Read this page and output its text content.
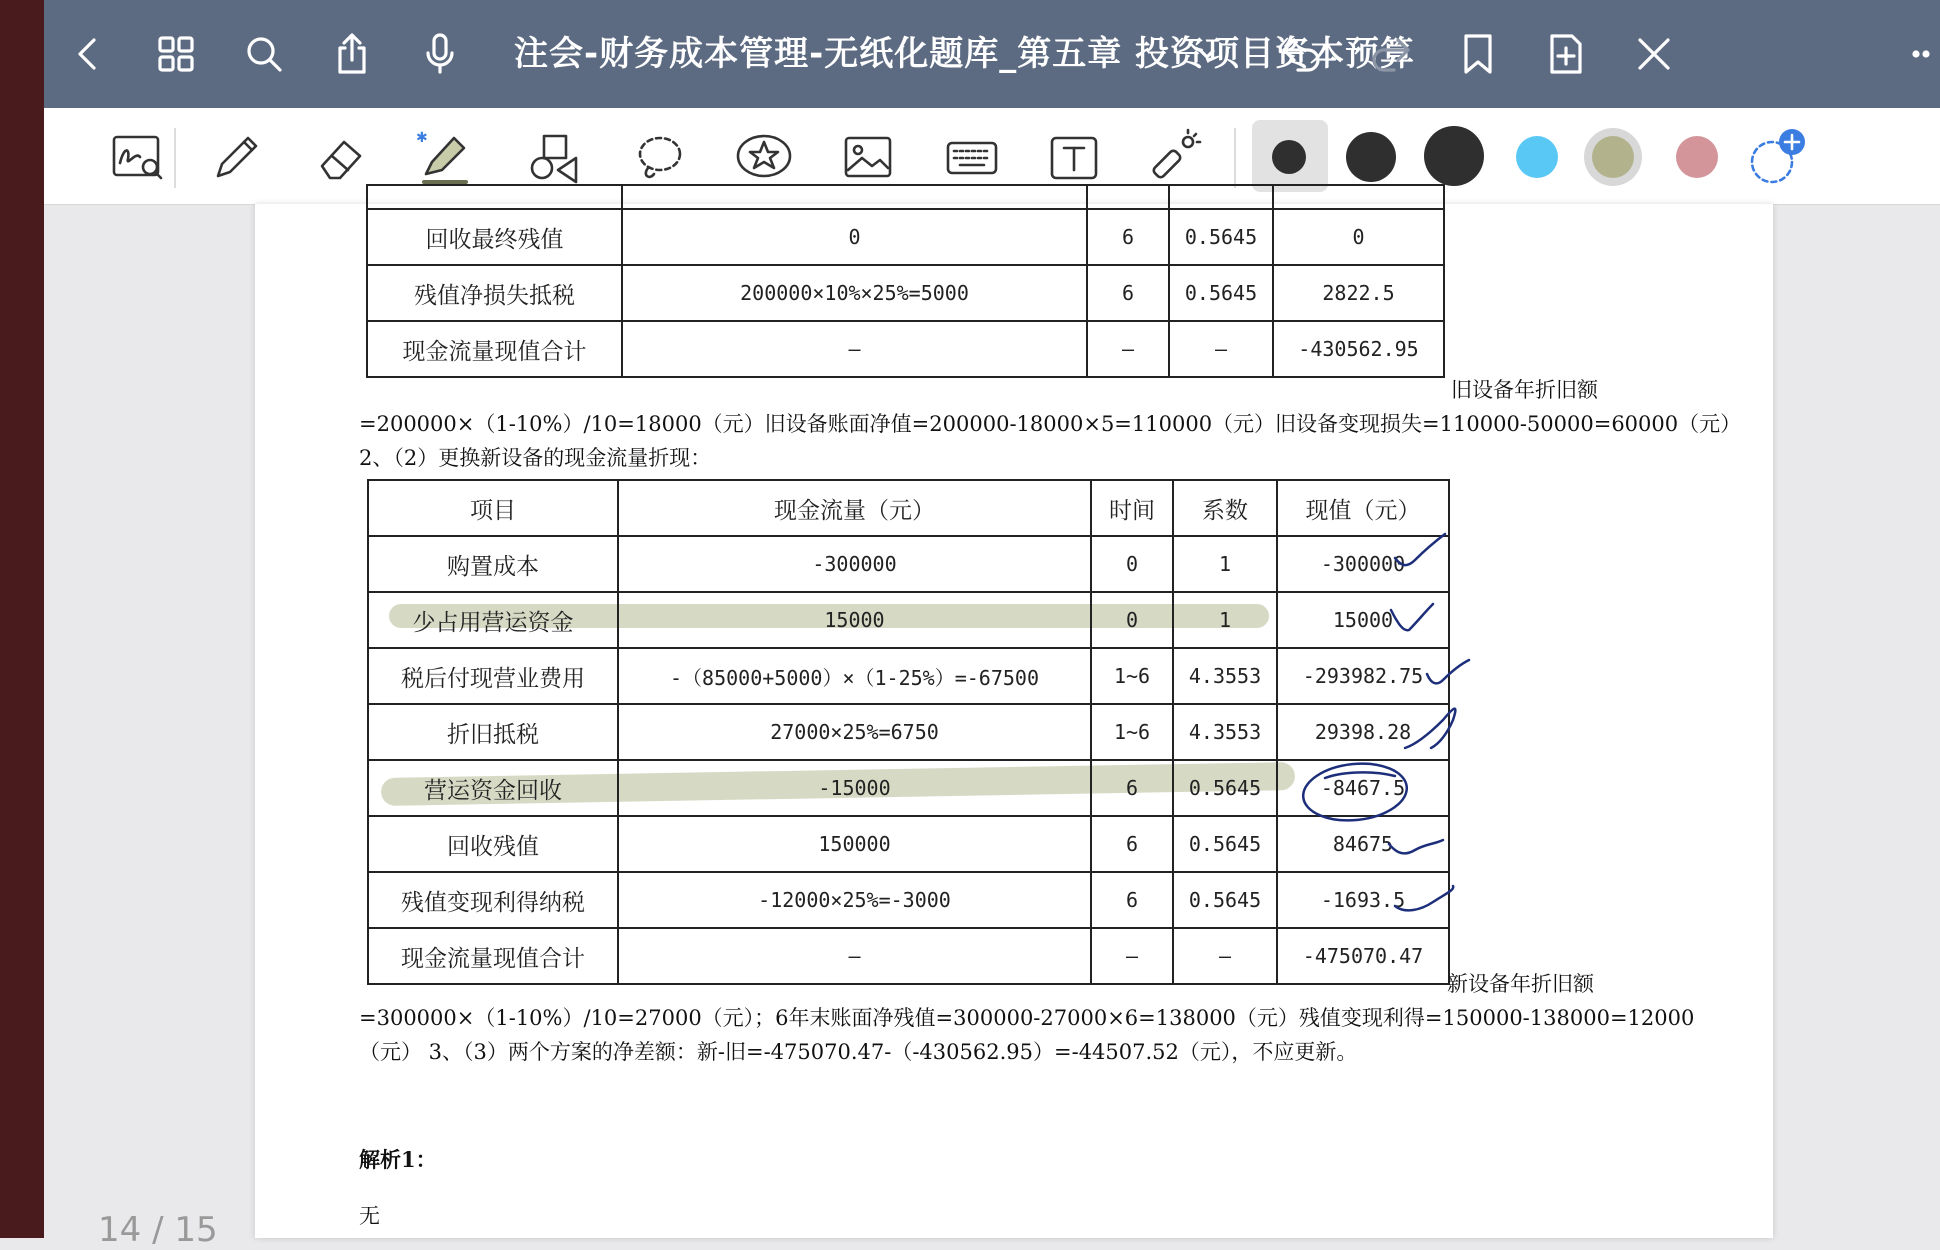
注会-财务成本管理-无纸化题库_第五章 投资项目资本预算
✱

回收最终残值	0	6	0.5645	0
残值净损失抵税	200000×10%×25%=5000	6	0.5645	2822.5
现金流量现值合计	—	—	—	-430562.95
旧设备年折旧额
=200000×（1-10%）/10=18000（元）旧设备账面净值=200000-18000×5=110000（元）旧设备变现损失=110000-50000=60000（元）
2、（2）更换新设备的现金流量折现：
项目	现金流量（元）	时间	系数	现值（元）
购置成本	-300000	0	1	-300000
少占用营运资金	15000	0	1	15000
税后付现营业费用	-（85000+5000）×（1-25%）=-67500	1~6	4.3553	-293982.75
折旧抵税	27000×25%=6750	1~6	4.3553	29398.28
营运资金回收	-15000	6	0.5645	-8467.5
回收残值	150000	6	0.5645	84675
残值变现利得纳税	-12000×25%=-3000	6	0.5645	-1693.5
现金流量现值合计	—	—	—	-475070.47
新设备年折旧额
=300000×（1-10%）/10=27000（元）；6年末账面净残值=300000-27000×6=138000（元）残值变现利得=150000-138000=12000
（元） 3、（3）两个方案的净差额：新-旧=-475070.47-（-430562.95）=-44507.52（元），不应更新。
解析1：
无
14 / 15
